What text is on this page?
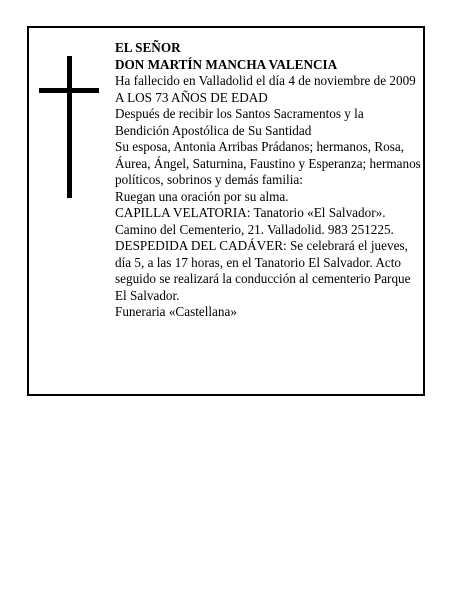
EL SEÑOR

DON MARTÍN MANCHA VALENCIA

Ha fallecido en Valladolid el día 4 de noviembre de 2009

A LOS 73 AÑOS DE EDAD

Después de recibir los Santos Sacramentos y la Bendición Apostólica de Su Santidad

Su esposa, Antonia Arribas Prádanos; hermanos, Rosa, Áurea, Ángel, Saturnina, Faustino y Esperanza; hermanos políticos, sobrinos y demás familia:

Ruegan una oración por su alma.

CAPILLA VELATORIA: Tanatorio «El Salvador». Camino del Cementerio, 21. Valladolid. 983 251225.

DESPEDIDA DEL CADÁVER: Se celebrará el jueves, día 5, a las 17 horas, en el Tanatorio El Salvador. Acto seguido se realizará la conducción al cementerio Parque El Salvador.

Funeraria «Castellana»
